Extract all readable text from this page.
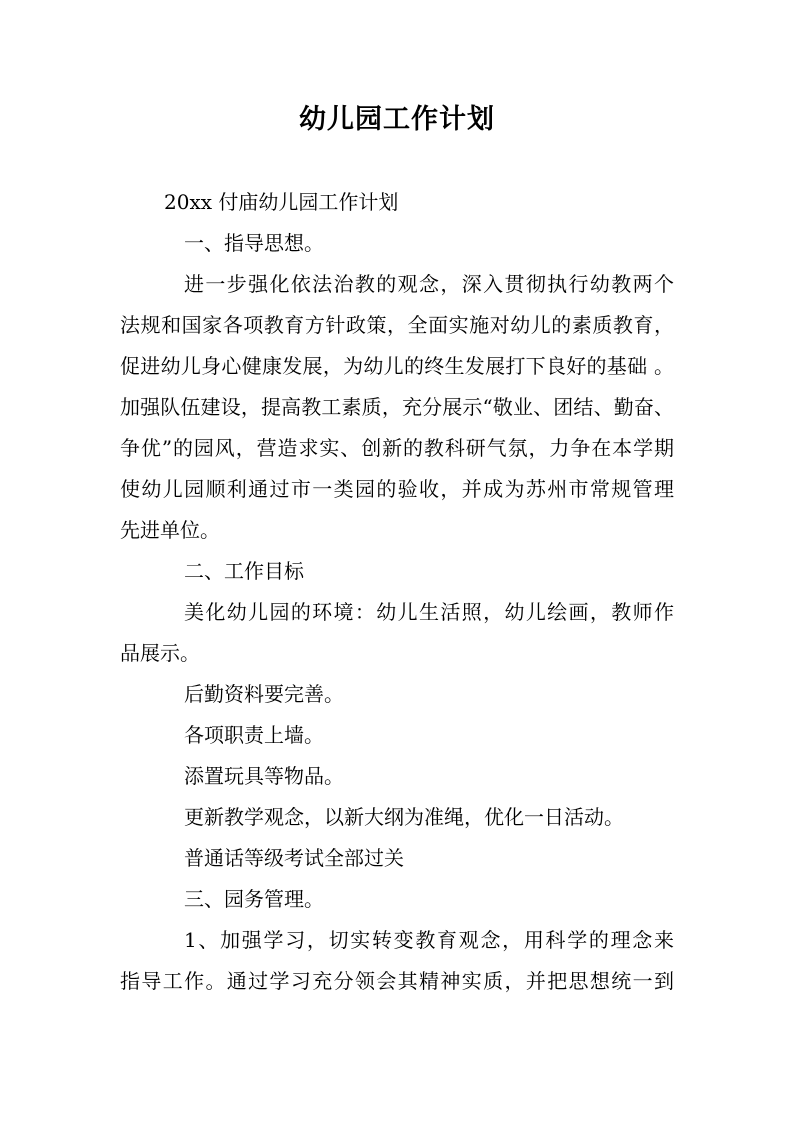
幼儿园工作计划
20xx 付庙幼儿园工作计划
一、指导思想。
进一步强化依法治教的观念，深入贯彻执行幼教两个
法规和国家各项教育方针政策，全面实施对幼儿的素质教育，
促进幼儿身心健康发展，为幼儿的终生发展打下良好的基础 。
加强队伍建设，提高教工素质，充分展示“敬业、团结、勤奋、
争优”的园风，营造求实、创新的教科研气氛，力争在本学期
使幼儿园顺利通过市一类园的验收，并成为苏州市常规管理
先进单位。
二、工作目标
美化幼儿园的环境：幼儿生活照，幼儿绘画，教师作
品展示。
后勤资料要完善。
各项职责上墙。
添置玩具等物品。
更新教学观念，以新大纲为准绳，优化一日活动。
普通话等级考试全部过关
三、园务管理。
1、加强学习，切实转变教育观念，用科学的理念来
指导工作。通过学习充分领会其精神实质，并把思想统一到
